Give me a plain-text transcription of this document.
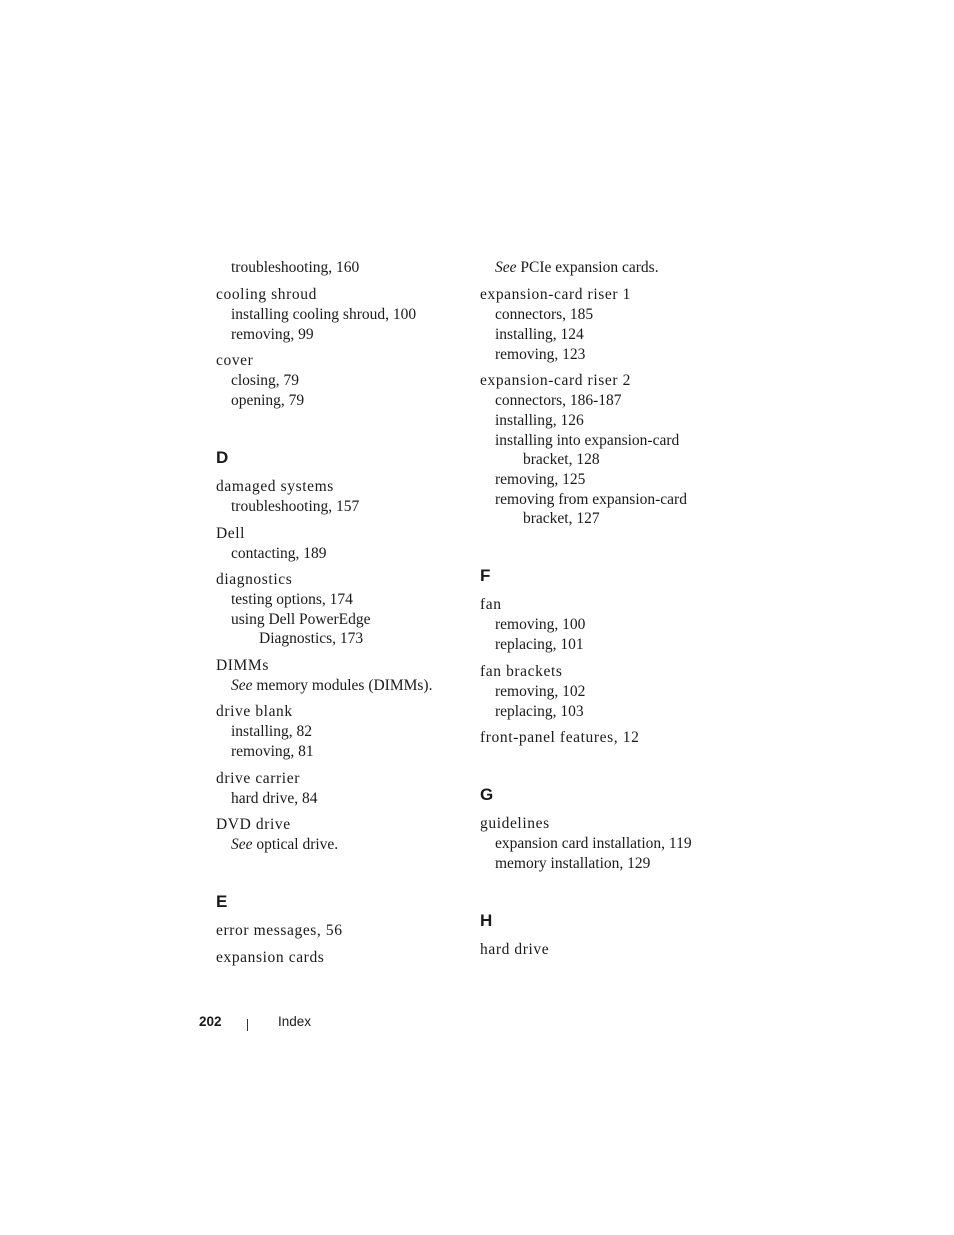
troubleshooting, 160
cooling shroud
installing cooling shroud, 100
removing, 99
cover
closing, 79
opening, 79
D
damaged systems
troubleshooting, 157
Dell
contacting, 189
diagnostics
testing options, 174
using Dell PowerEdge
Diagnostics, 173
DIMMs
See memory modules (DIMMs).
drive blank
installing, 82
removing, 81
drive carrier
hard drive, 84
DVD drive
See optical drive.
E
error messages, 56
expansion cards
See PCIe expansion cards.
expansion-card riser 1
connectors, 185
installing, 124
removing, 123
expansion-card riser 2
connectors, 186-187
installing, 126
installing into expansion-card
bracket, 128
removing, 125
removing from expansion-card
bracket, 127
F
fan
removing, 100
replacing, 101
fan brackets
removing, 102
replacing, 103
front-panel features, 12
G
guidelines
expansion card installation, 119
memory installation, 129
H
hard drive
202	Index
